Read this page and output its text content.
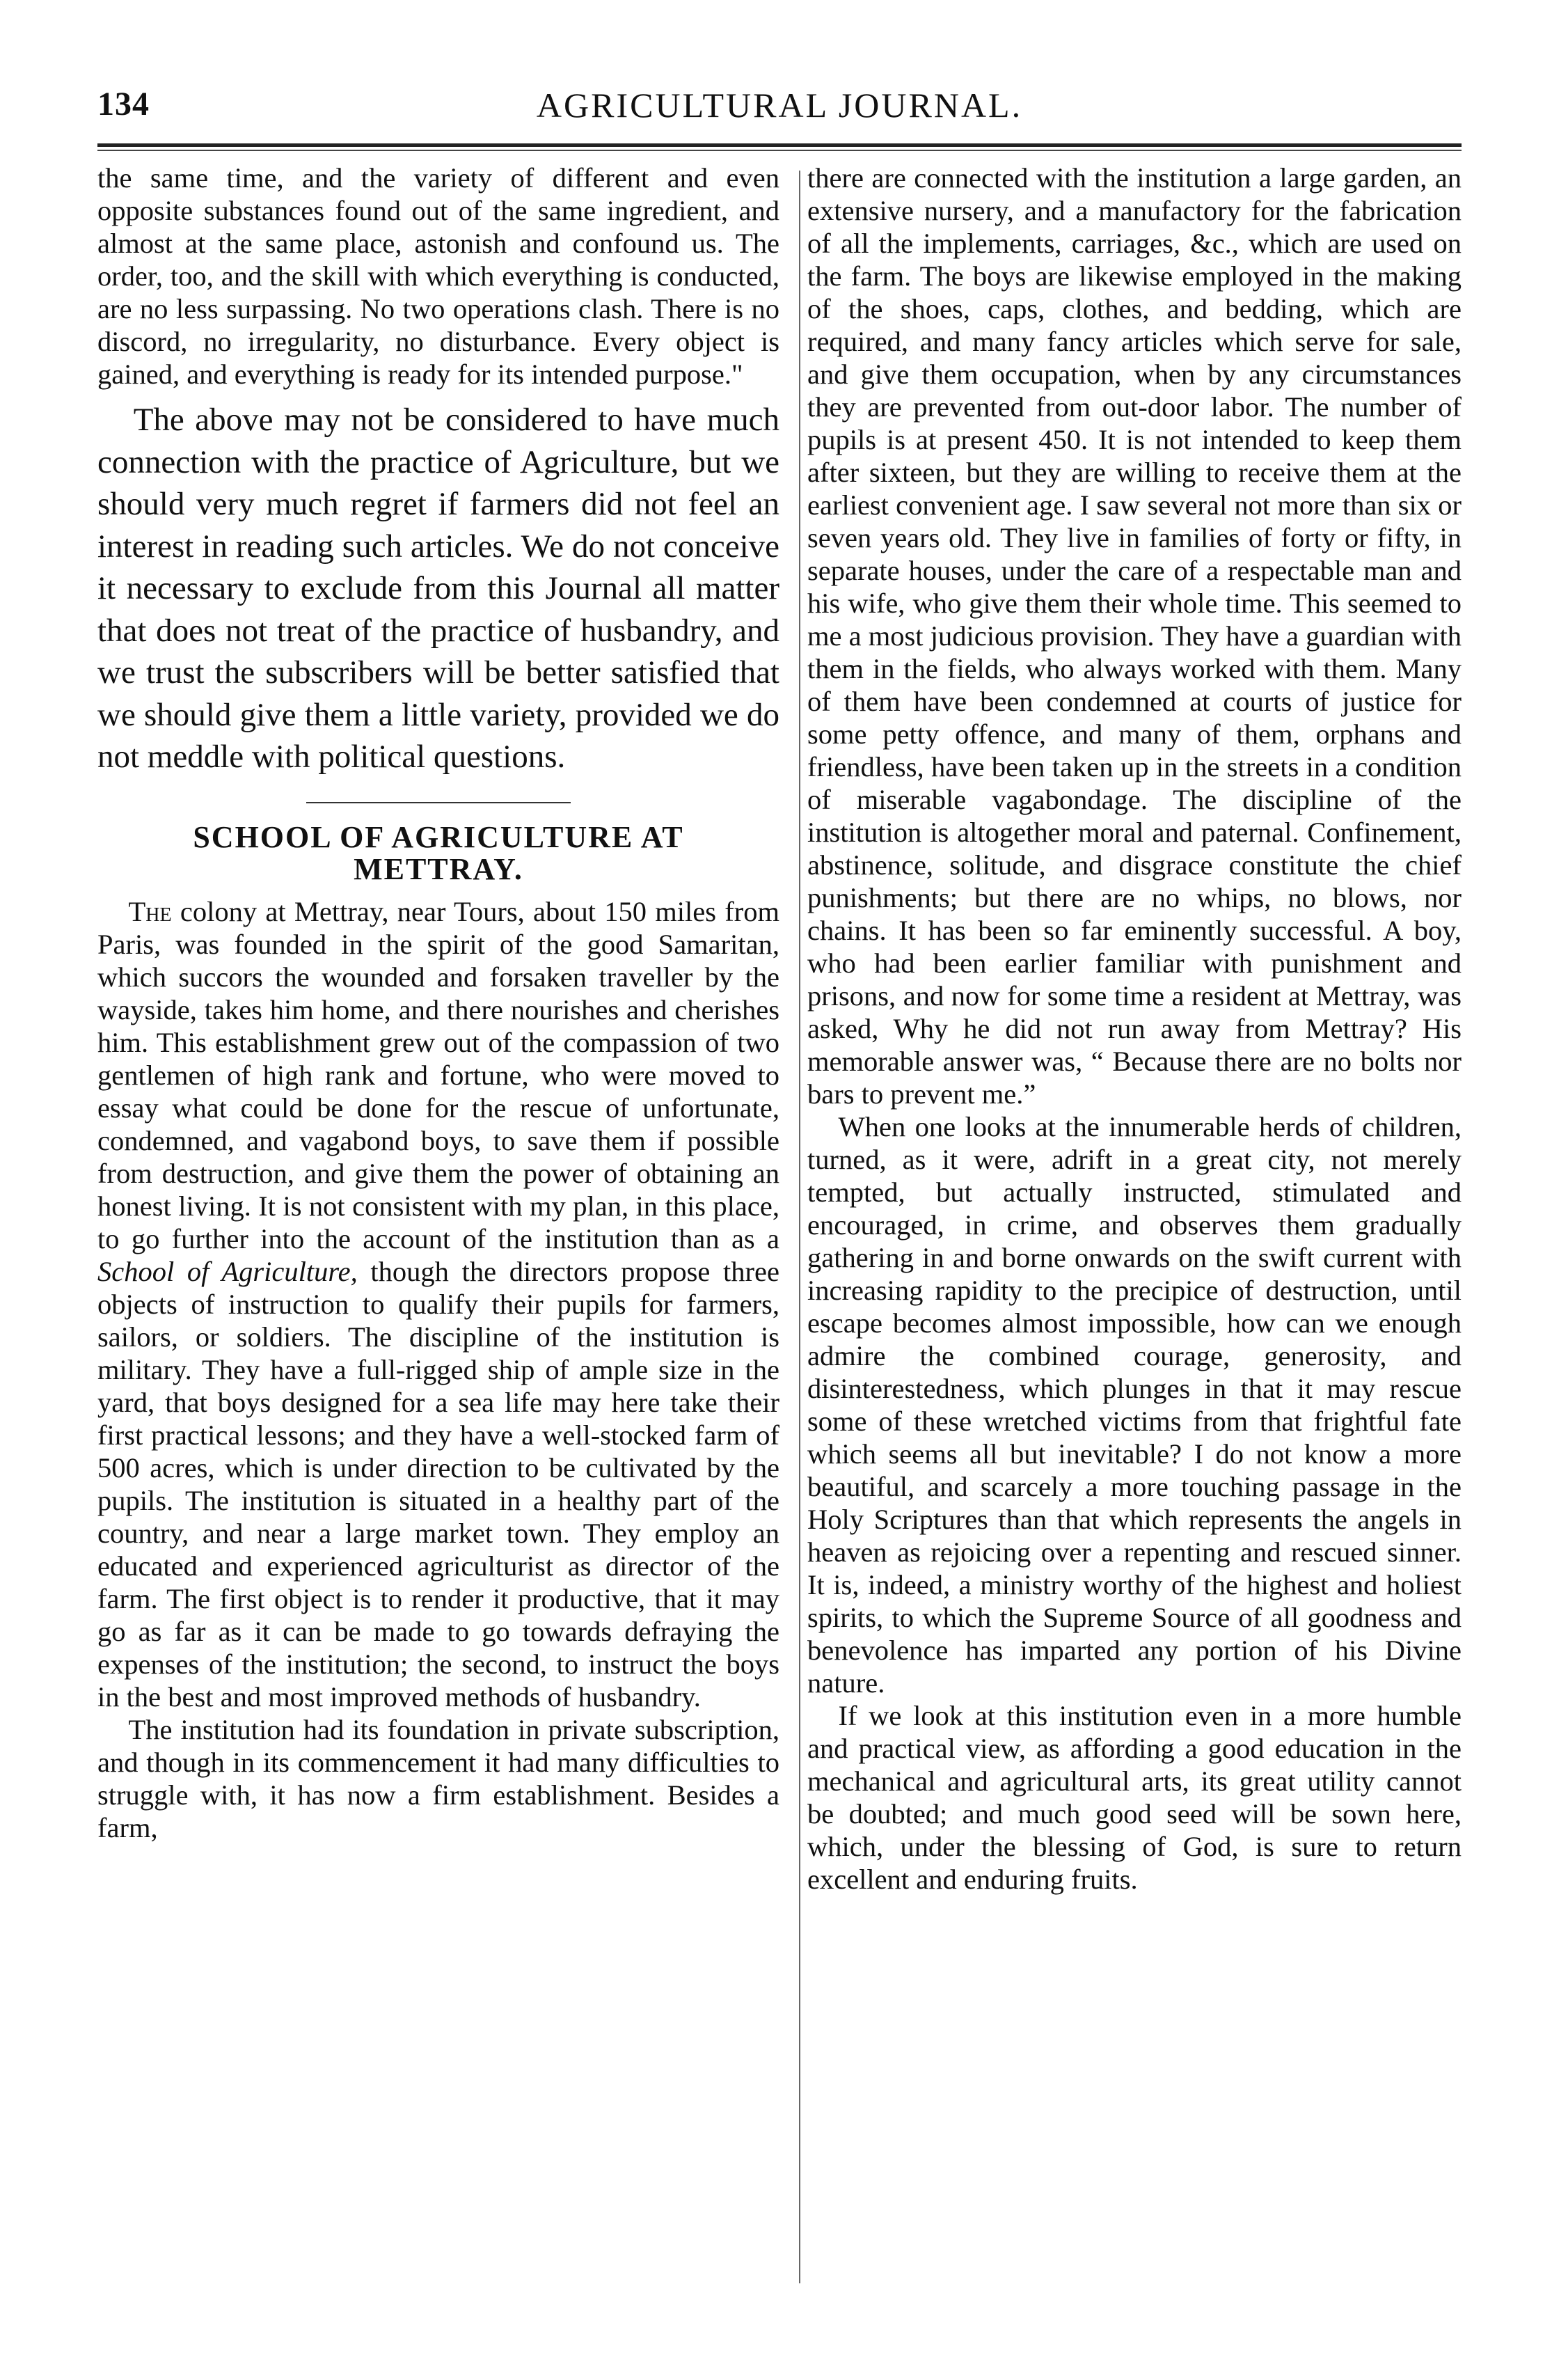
134	AGRICULTURAL JOURNAL.

the same time, and the variety of different and even opposite substances found out of the same ingredient, and almost at the same place, astonish and confound us. The order, too, and the skill with which everything is conducted, are no less surpassing. No two operations clash. There is no discord, no irregularity, no disturbance. Every object is gained, and everything is ready for its intended purpose."

The above may not be considered to have much connection with the practice of Agriculture, but we should very much regret if farmers did not feel an interest in reading such articles. We do not conceive it necessary to exclude from this Journal all matter that does not treat of the practice of husbandry, and we trust the subscribers will be better satisfied that we should give them a little variety, provided we do not meddle with political questions.

SCHOOL OF AGRICULTURE AT
METTRAY.

The colony at Mettray, near Tours, about 150 miles from Paris, was founded in the spirit of the good Samaritan, which succors the wounded and forsaken traveller by the wayside, takes him home, and there nourishes and cherishes him. This establishment grew out of the compassion of two gentlemen of high rank and fortune, who were moved to essay what could be done for the rescue of unfortunate, condemned, and vagabond boys, to save them if possible from destruction, and give them the power of obtaining an honest living. It is not consistent with my plan, in this place, to go further into the account of the institution than as a School of Agriculture, though the directors propose three objects of instruction to qualify their pupils for farmers, sailors, or soldiers. The discipline of the institution is military. They have a full-rigged ship of ample size in the yard, that boys designed for a sea life may here take their first practical lessons; and they have a well-stocked farm of 500 acres, which is under direction to be cultivated by the pupils. The institution is situated in a healthy part of the country, and near a large market town. They employ an educated and experienced agriculturist as director of the farm. The first object is to render it productive, that it may go as far as it can be made to go towards defraying the expenses of the institution; the second, to instruct the boys in the best and most improved methods of husbandry.

The institution had its foundation in private subscription, and though in its commencement it had many difficulties to struggle with, it has now a firm establishment. Besides a farm,

there are connected with the institution a large garden, an extensive nursery, and a manufactory for the fabrication of all the implements, carriages, &c., which are used on the farm. The boys are likewise employed in the making of the shoes, caps, clothes, and bedding, which are required, and many fancy articles which serve for sale, and give them occupation, when by any circumstances they are prevented from out-door labor. The number of pupils is at present 450. It is not intended to keep them after sixteen, but they are willing to receive them at the earliest convenient age. I saw several not more than six or seven years old. They live in families of forty or fifty, in separate houses, under the care of a respectable man and his wife, who give them their whole time. This seemed to me a most judicious provision. They have a guardian with them in the fields, who always worked with them. Many of them have been condemned at courts of justice for some petty offence, and many of them, orphans and friendless, have been taken up in the streets in a condition of miserable vagabondage. The discipline of the institution is altogether moral and paternal. Confinement, abstinence, solitude, and disgrace constitute the chief punishments; but there are no whips, no blows, nor chains. It has been so far eminently successful. A boy, who had been earlier familiar with punishment and prisons, and now for some time a resident at Mettray, was asked, Why he did not run away from Mettray? His memorable answer was, “ Because there are no bolts nor bars to prevent me.”

When one looks at the innumerable herds of children, turned, as it were, adrift in a great city, not merely tempted, but actually instructed, stimulated and encouraged, in crime, and observes them gradually gathering in and borne onwards on the swift current with increasing rapidity to the precipice of destruction, until escape becomes almost impossible, how can we enough admire the combined courage, generosity, and disinterestedness, which plunges in that it may rescue some of these wretched victims from that frightful fate which seems all but inevitable? I do not know a more beautiful, and scarcely a more touching passage in the Holy Scriptures than that which represents the angels in heaven as rejoicing over a repenting and rescued sinner. It is, indeed, a ministry worthy of the highest and holiest spirits, to which the Supreme Source of all goodness and benevolence has imparted any portion of his Divine nature.

If we look at this institution even in a more humble and practical view, as affording a good education in the mechanical and agricultural arts, its great utility cannot be doubted; and much good seed will be sown here, which, under the blessing of God, is sure to return excellent and enduring fruits.
